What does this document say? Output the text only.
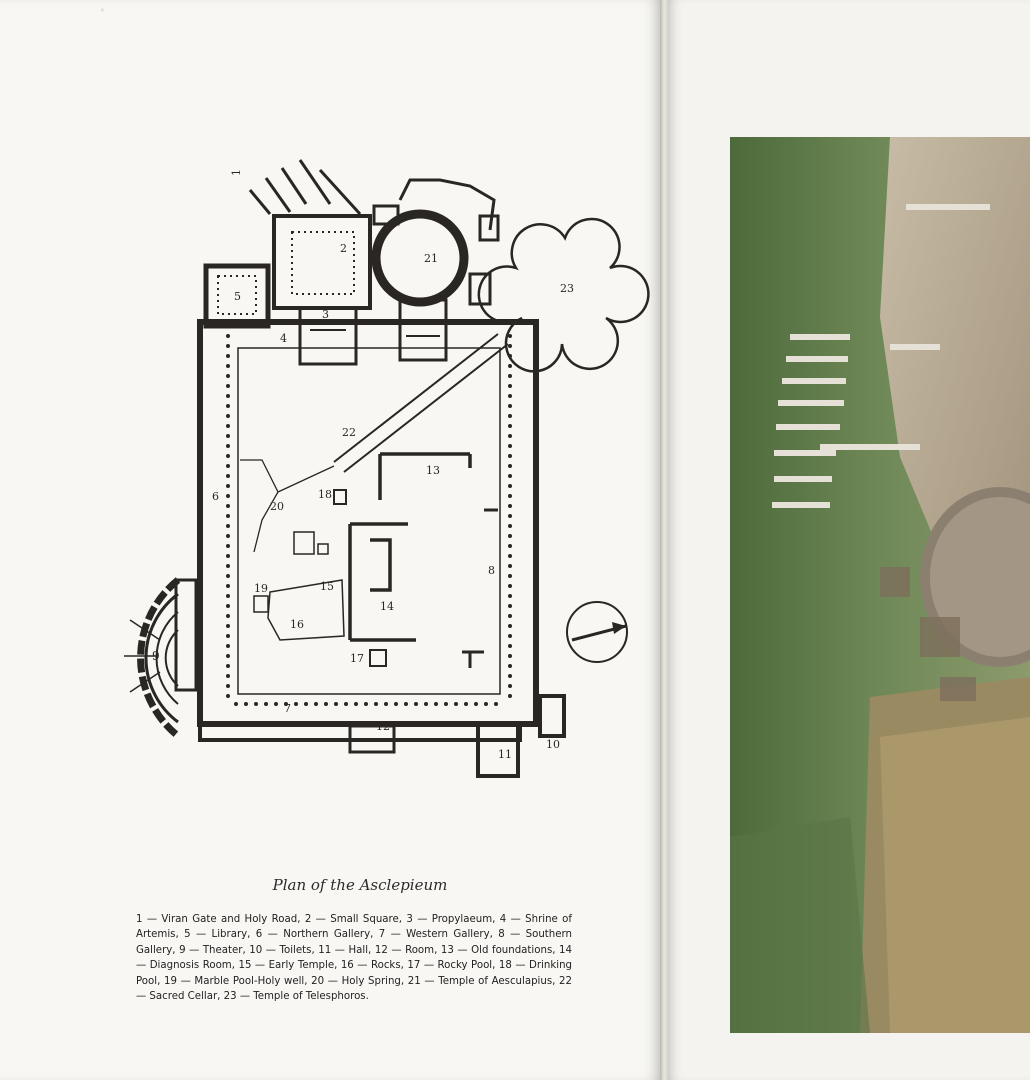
◦
1
2
3
4
5
6
7
8
9
10
11
12
13
14
15
16
17
18
19
20
21
22
23
Plan of the Asclepieum
1 — Viran Gate and Holy Road, 2 — Small Square, 3 — Propylaeum, 4 — Shrine of Artemis, 5 — Library, 6 — Northern Gallery, 7 — Western Gallery, 8 — Southern Gallery, 9 — Theater, 10 — Toilets, 11 — Hall, 12 — Room, 13 — Old foundations, 14 — Diagnosis Room, 15 — Early Temple, 16 — Rocks, 17 — Rocky Pool, 18 — Drinking Pool, 19 — Marble Pool-Holy well, 20 — Holy Spring, 21 — Temple of Aesculapius, 22 — Sacred Cellar, 23 — Temple of Telesphoros.
